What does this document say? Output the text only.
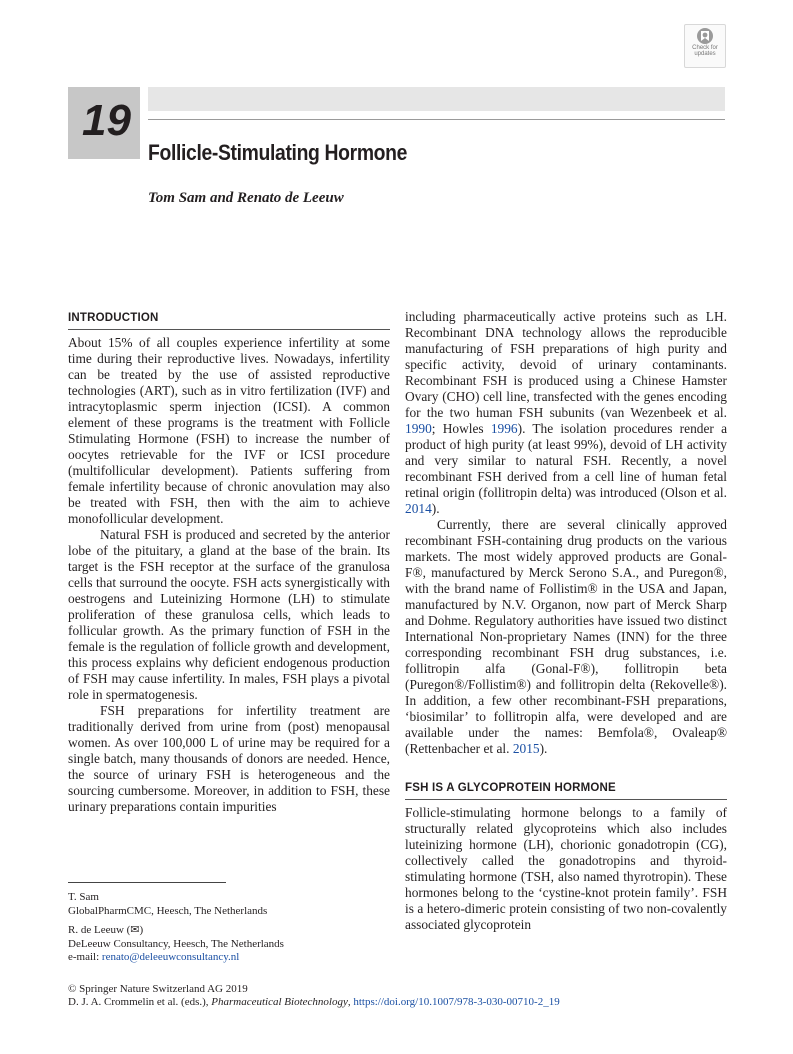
Check for
updates
19
Follicle-Stimulating Hormone
Tom Sam and Renato de Leeuw
INTRODUCTION

About 15% of all couples experience infertility at some time during their reproductive lives. Nowadays, infertility can be treated by the use of assisted reproductive technologies (ART), such as in vitro fertilization (IVF) and intracytoplasmic sperm injection (ICSI). A common element of these programs is the treatment with Follicle Stimulating Hormone (FSH) to increase the number of oocytes retrievable for the IVF or ICSI procedure (multifollicular development). Patients suffering from female infertility because of chronic anovulation may also be treated with FSH, then with the aim to achieve monofollicular development.

Natural FSH is produced and secreted by the anterior lobe of the pituitary, a gland at the base of the brain. Its target is the FSH receptor at the surface of the granulosa cells that surround the oocyte. FSH acts synergistically with oestrogens and Luteinizing Hormone (LH) to stimulate proliferation of these granulosa cells, which leads to follicular growth. As the primary function of FSH in the female is the regulation of follicle growth and development, this process explains why deficient endogenous production of FSH may cause infertility. In males, FSH plays a pivotal role in spermatogenesis.

FSH preparations for infertility treatment are traditionally derived from urine from (post) menopausal women. As over 100,000 L of urine may be required for a single batch, many thousands of donors are needed. Hence, the source of urinary FSH is heterogeneous and the sourcing cumbersome. Moreover, in addition to FSH, these urinary preparations contain impurities

including pharmaceutically active proteins such as LH. Recombinant DNA technology allows the reproducible manufacturing of FSH preparations of high purity and specific activity, devoid of urinary contaminants. Recombinant FSH is produced using a Chinese Hamster Ovary (CHO) cell line, transfected with the genes encoding for the two human FSH subunits (van Wezenbeek et al. 1990; Howles 1996). The isolation procedures render a product of high purity (at least 99%), devoid of LH activity and very similar to natural FSH. Recently, a novel recombinant FSH derived from a cell line of human fetal retinal origin (follitropin delta) was introduced (Olson et al. 2014).

Currently, there are several clinically approved recombinant FSH-containing drug products on the various markets. The most widely approved products are Gonal-F®, manufactured by Merck Serono S.A., and Puregon®, with the brand name of Follistim® in the USA and Japan, manufactured by N.V. Organon, now part of Merck Sharp and Dohme. Regulatory authorities have issued two distinct International Non-proprietary Names (INN) for the three corresponding recombinant FSH drug substances, i.e. follitropin alfa (Gonal-F®), follitropin beta (Puregon®/Follistim®) and follitropin delta (Rekovelle®). In addition, a few other recombinant-FSH preparations, ‘biosimilar’ to follitropin alfa, were developed and are available under the names: Bemfola®, Ovaleap® (Rettenbacher et al. 2015).

FSH IS A GLYCOPROTEIN HORMONE

Follicle-stimulating hormone belongs to a family of structurally related glycoproteins which also includes luteinizing hormone (LH), chorionic gonadotropin (CG), collectively called the gonadotropins and thyroid-stimulating hormone (TSH, also named thyrotropin). These hormones belong to the ‘cystine-knot protein family’. FSH is a hetero-dimeric protein consisting of two non-covalently associated glycoprotein

T. Sam
GlobalPharmCMC, Heesch, The Netherlands
R. de Leeuw (✉)
DeLeeuw Consultancy, Heesch, The Netherlands
e-mail: renato@deleeuwconsultancy.nl
© Springer Nature Switzerland AG 2019
D. J. A. Crommelin et al. (eds.), Pharmaceutical Biotechnology, https://doi.org/10.1007/978-3-030-00710-2_19
